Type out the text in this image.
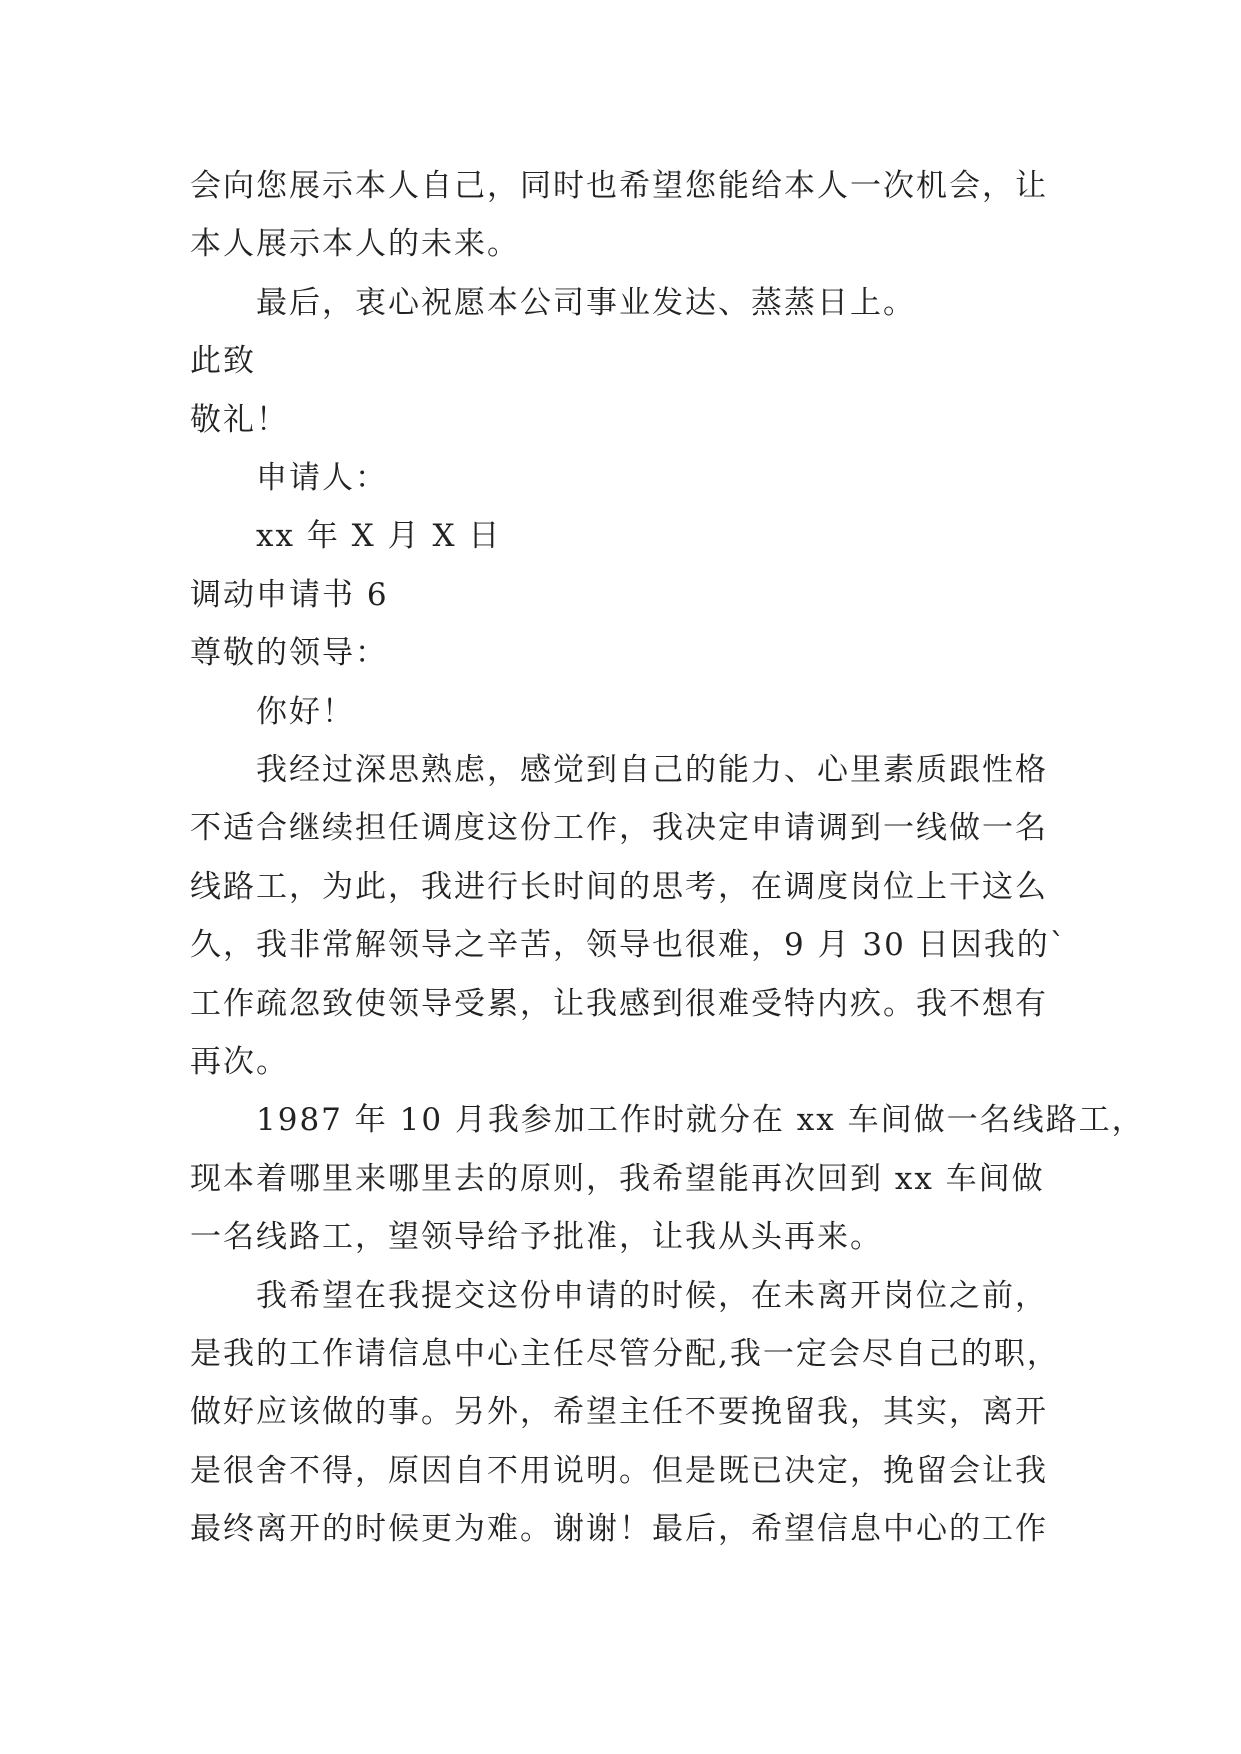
会向您展示本人自己，同时也希望您能给本人一次机会，让
本人展示本人的未来。
最后，衷心祝愿本公司事业发达、蒸蒸日上。
此致
敬礼！
申请人：
xx 年 X 月 X 日
调动申请书 6
尊敬的领导：
你好！
我经过深思熟虑，感觉到自己的能力、心里素质跟性格
不适合继续担任调度这份工作，我决定申请调到一线做一名
线路工，为此，我进行长时间的思考，在调度岗位上干这么
久，我非常解领导之辛苦，领导也很难，9 月 30 日因我的`
工作疏忽致使领导受累，让我感到很难受特内疚。我不想有
再次。
1987 年 10 月我参加工作时就分在 xx 车间做一名线路工，
现本着哪里来哪里去的原则，我希望能再次回到 xx 车间做
一名线路工，望领导给予批准，让我从头再来。
我希望在我提交这份申请的时候，在未离开岗位之前，
是我的工作请信息中心主任尽管分配,我一定会尽自己的职，
做好应该做的事。另外，希望主任不要挽留我，其实，离开
是很舍不得，原因自不用说明。但是既已决定，挽留会让我
最终离开的时候更为难。谢谢！最后，希望信息中心的工作
